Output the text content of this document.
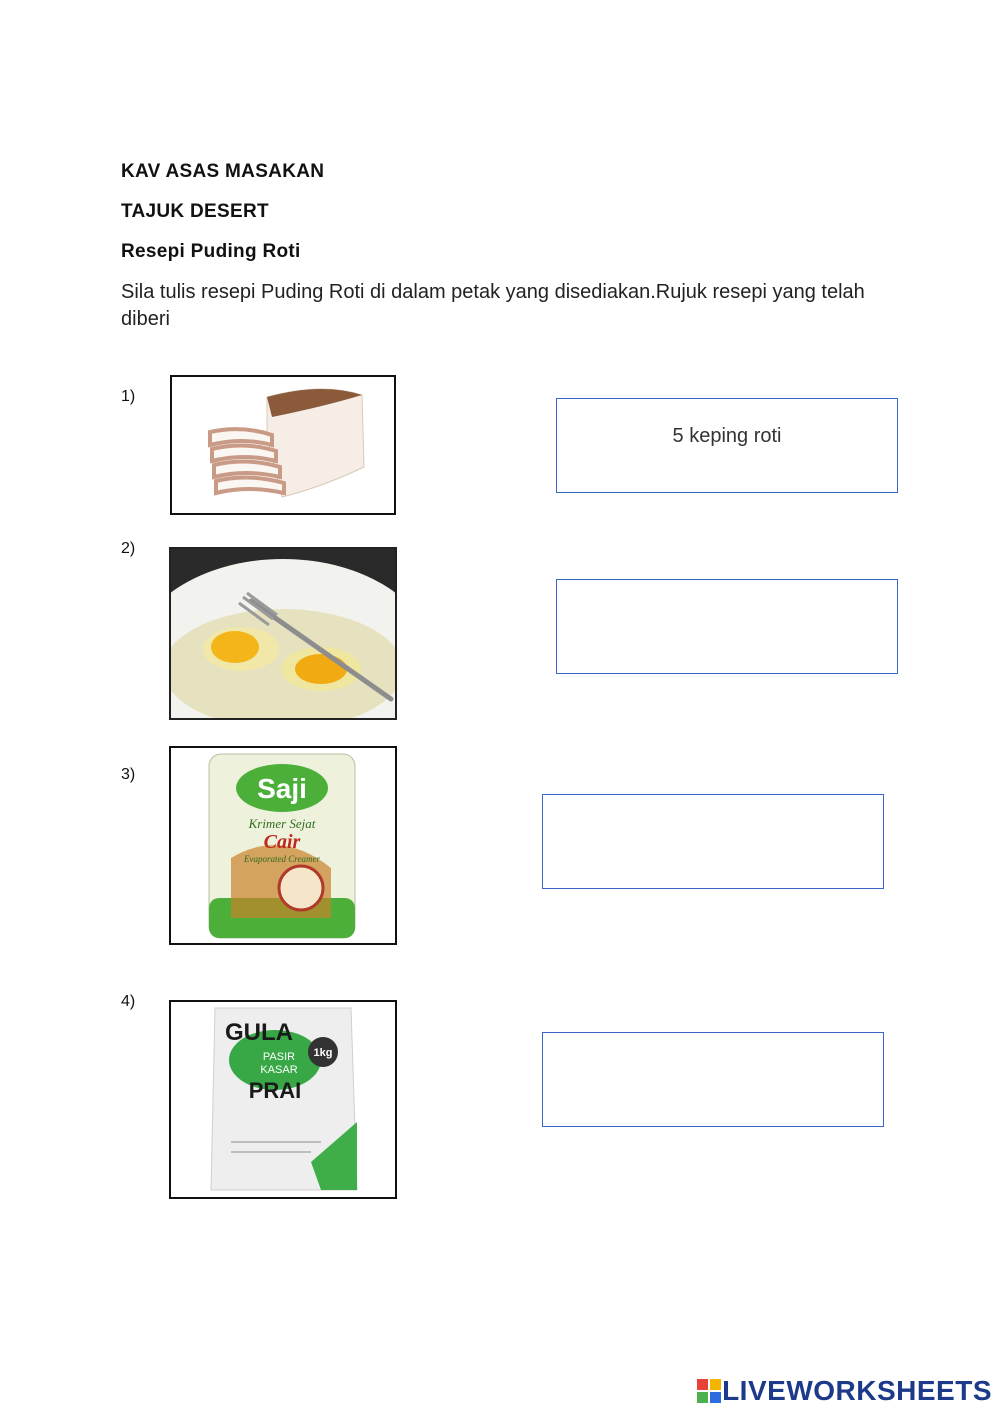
KAV ASAS MASAKAN
TAJUK DESERT
Resepi Puding Roti
Sila tulis resepi Puding Roti di dalam petak yang disediakan.Rujuk resepi yang telah diberi
1)
5 keping roti
2)
3)	Saji
Krimer Sejat
Cair
Evaporated Creamer
4)
1kg
GULA
PASIR
KASAR
PRAI
LIVEWORKSHEETS
